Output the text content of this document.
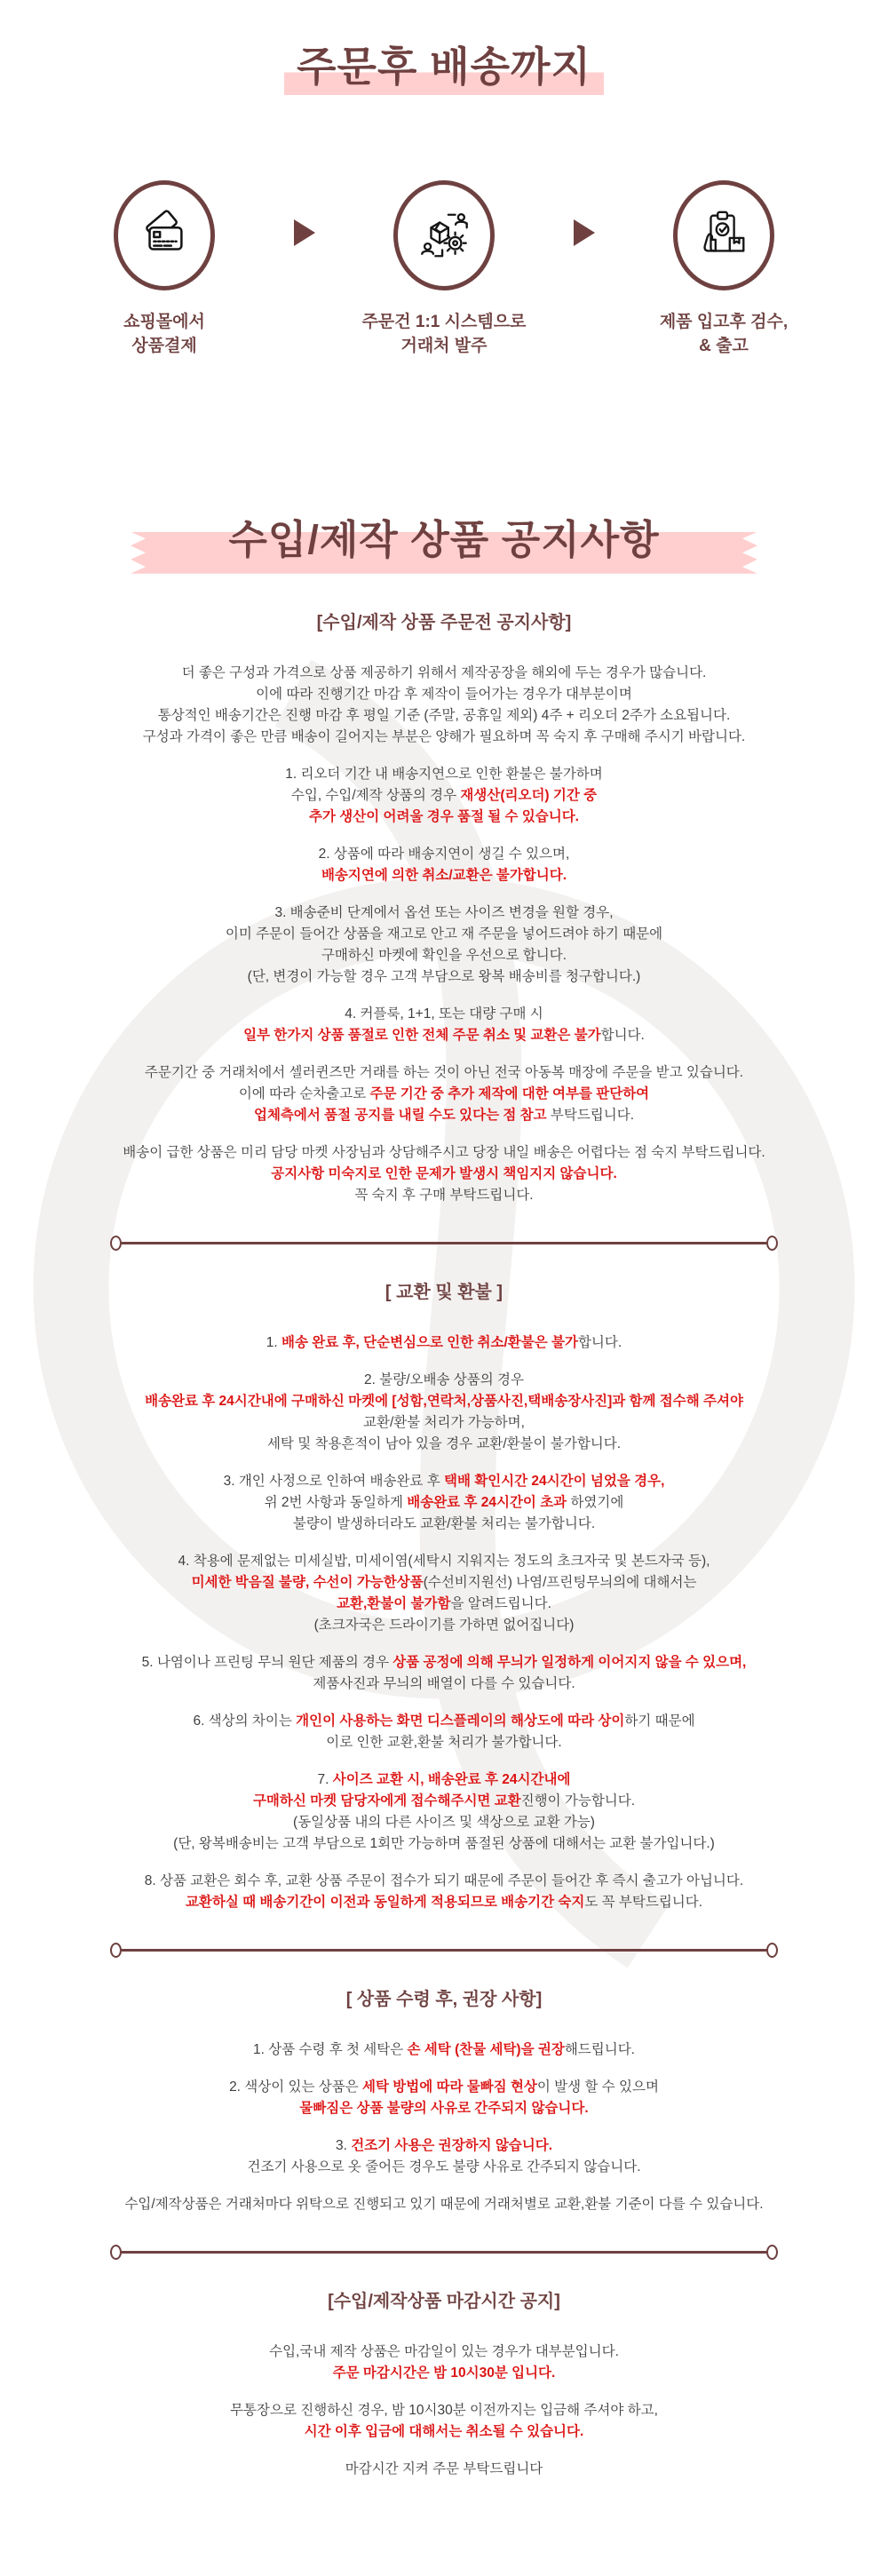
주문후 배송까지
쇼핑몰에서
상품결제
주문건 1:1 시스템으로
거래처 발주
제품 입고후 검수,
& 출고
수입/제작 상품 공지사항
[수입/제작 상품 주문전 공지사항]

더 좋은 구성과 가격으로 상품 제공하기 위해서 제작공장을 해외에 두는 경우가 많습니다.
이에 따라 진행기간 마감 후 제작이 들어가는 경우가 대부분이며
통상적인 배송기간은 진행 마감 후 평일 기준 (주말, 공휴일 제외) 4주 + 리오더 2주가 소요됩니다.
구성과 가격이 좋은 만큼 배송이 길어지는 부분은 양해가 필요하며 꼭 숙지 후 구매해 주시기 바랍니다.

1. 리오더 기간 내 배송지연으로 인한 환불은 불가하며
수입, 수입/제작 상품의 경우 재생산(리오더) 기간 중
추가 생산이 어려울 경우 품절 될 수 있습니다.

2. 상품에 따라 배송지연이 생길 수 있으며,
배송지연에 의한 취소/교환은 불가합니다.

3. 배송준비 단계에서 옵션 또는 사이즈 변경을 원할 경우,
이미 주문이 들어간 상품을 재고로 안고 재 주문을 넣어드려야 하기 때문에
구매하신 마켓에 확인을 우선으로 합니다.
(단, 변경이 가능할 경우 고객 부담으로 왕복 배송비를 청구합니다.)

4. 커플룩, 1+1, 또는 대량 구매 시
일부 한가지 상품 품절로 인한 전체 주문 취소 및 교환은 불가합니다.

주문기간 중 거래처에서 셀러퀸즈만 거래를 하는 것이 아닌 전국 아동복 매장에 주문을 받고 있습니다.
이에 따라 순차출고로 주문 기간 중 추가 제작에 대한 여부를 판단하여
업체측에서 품절 공지를 내릴 수도 있다는 점 참고 부탁드립니다.

배송이 급한 상품은 미리 담당 마켓 사장님과 상담해주시고 당장 내일 배송은 어렵다는 점 숙지 부탁드립니다.
공지사항 미숙지로 인한 문제가 발생시 책임지지 않습니다.
꼭 숙지 후 구매 부탁드립니다.

[ 교환 및 환불 ]

1. 배송 완료 후, 단순변심으로 인한 취소/환불은 불가합니다.

2. 불량/오배송 상품의 경우
배송완료 후 24시간내에 구매하신 마켓에 [성함,연락처,상품사진,택배송장사진]과 함께 접수해 주셔야
교환/환불 처리가 가능하며,
세탁 및 착용흔적이 남아 있을 경우 교환/환불이 불가합니다.

3. 개인 사정으로 인하여 배송완료 후 택배 확인시간 24시간이 넘었을 경우,
위 2번 사항과 동일하게 배송완료 후 24시간이 초과 하였기에
불량이 발생하더라도 교환/환불 처리는 불가합니다.

4. 착용에 문제없는 미세실밥, 미세이염(세탁시 지워지는 정도의 초크자국 및 본드자국 등),
미세한 박음질 불량, 수선이 가능한상품(수선비지원선) 나염/프린팅무늬의에 대해서는
교환,환불이 불가함을 알려드립니다.
(초크자국은 드라이기를 가하면 없어집니다)

5. 나염이나 프린팅 무늬 원단 제품의 경우 상품 공정에 의해 무늬가 일정하게 이어지지 않을 수 있으며,
제품사진과 무늬의 배열이 다를 수 있습니다.

6. 색상의 차이는 개인이 사용하는 화면 디스플레이의 해상도에 따라 상이하기 때문에
이로 인한 교환,환불 처리가 불가합니다.

7. 사이즈 교환 시, 배송완료 후 24시간내에
구매하신 마켓 담당자에게 접수해주시면 교환진행이 가능합니다.
(동일상품 내의 다른 사이즈 및 색상으로 교환 가능)
(단, 왕복배송비는 고객 부담으로 1회만 가능하며 품절된 상품에 대해서는 교환 불가입니다.)

8. 상품 교환은 회수 후, 교환 상품 주문이 접수가 되기 때문에 주문이 들어간 후 즉시 출고가 아닙니다.
교환하실 때 배송기간이 이전과 동일하게 적용되므로 배송기간 숙지도 꼭 부탁드립니다.

[ 상품 수령 후, 권장 사항]

1. 상품 수령 후 첫 세탁은 손 세탁 (찬물 세탁)을 권장해드립니다.

2. 색상이 있는 상품은 세탁 방법에 따라 물빠짐 현상이 발생 할 수 있으며
물빠짐은 상품 불량의 사유로 간주되지 않습니다.

3. 건조기 사용은 권장하지 않습니다.
건조기 사용으로 옷 줄어든 경우도 불량 사유로 간주되지 않습니다.

수입/제작상품은 거래처마다 위탁으로 진행되고 있기 때문에 거래처별로 교환,환불 기준이 다를 수 있습니다.

[수입/제작상품 마감시간 공지]

수입,국내 제작 상품은 마감일이 있는 경우가 대부분입니다.
주문 마감시간은 밤 10시30분 입니다.

무통장으로 진행하신 경우, 밤 10시30분 이전까지는 입금해 주셔야 하고,
시간 이후 입금에 대해서는 취소될 수 있습니다.

마감시간 지켜 주문 부탁드립니다
